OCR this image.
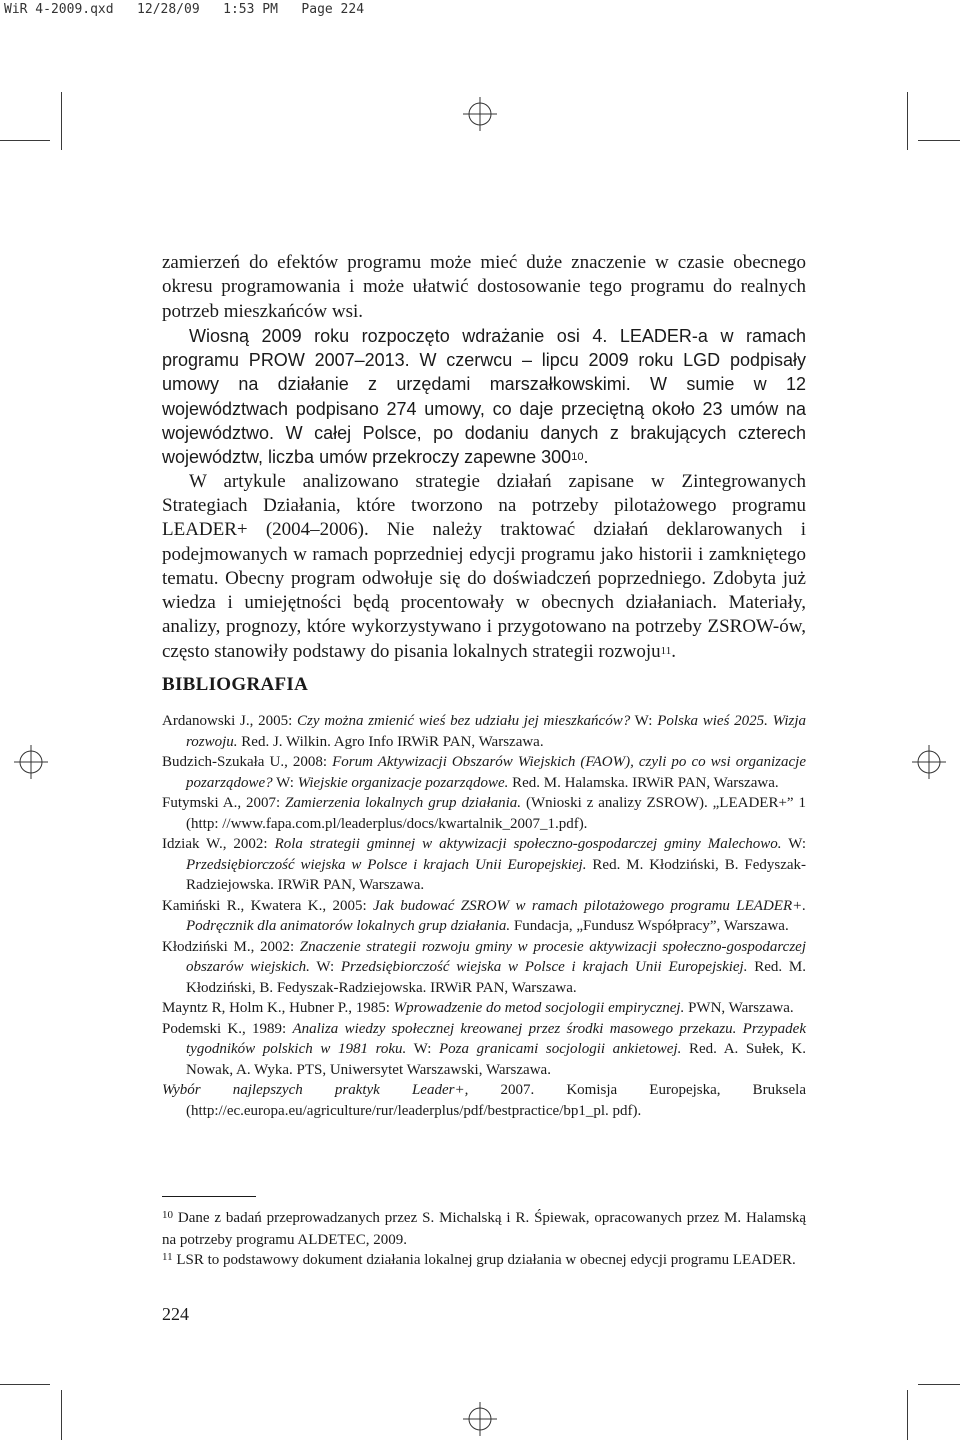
WiR 4-2009.qxd   12/28/09   1:53 PM   Page 224

zamierzeń do efektów programu może mieć duże znaczenie w czasie obecnego okresu programowania i może ułatwić dostosowanie tego programu do realnych potrzeb mieszkańców wsi.

Wiosną 2009 roku rozpoczęto wdrażanie osi 4. LEADER-a w ramach programu PROW 2007–2013. W czerwcu – lipcu 2009 roku LGD podpisały umowy na działanie z urzędami marszałkowskimi. W sumie w 12 województwach podpisano 274 umowy, co daje przeciętną około 23 umów na województwo. W całej Polsce, po dodaniu danych z brakujących czterech województw, liczba umów przekroczy zapewne $300^{10}$.

W artykule analizowano strategie działań zapisane w Zintegrowanych Strategiach Działania, które tworzono na potrzeby pilotażowego programu LEADER+ (2004–2006). Nie należy traktować działań deklarowanych i podejmowanych w ramach poprzedniej edycji programu jako historii i zamkniętego tematu. Obecny program odwołuje się do doświadczeń poprzedniego. Zdobyta już wiedza i umiejętności będą procentowały w obecnych działaniach. Materiały, analizy, prognozy, które wykorzystywano i przygotowano na potrzeby ZSROW-ów, często stanowiły podstawy do pisania lokalnych strategii rozwoju$^{11}$.

BIBLIOGRAFIA

Ardanowski J., 2005: Czy można zmienić wieś bez udziału jej mieszkańców? W: Polska wieś 2025. Wizja rozwoju. Red. J. Wilkin. Agro Info IRWiR PAN, Warszawa.

Budzich-Szukała U., 2008: Forum Aktywizacji Obszarów Wiejskich (FAOW), czyli po co wsi organizacje pozarządowe? W: Wiejskie organizacje pozarządowe. Red. M. Halamska. IRWiR PAN, Warszawa.

Futymski A., 2007: Zamierzenia lokalnych grup działania. (Wnioski z analizy ZSROW). „LEADER+” 1 (http: //www.fapa.com.pl/leaderplus/docs/kwartalnik_2007_1.pdf).

Idziak W., 2002: Rola strategii gminnej w aktywizacji społeczno-gospodarczej gminy Malechowo. W: Przedsiębiorczość wiejska w Polsce i krajach Unii Europejskiej. Red. M. Kłodziński, B. Fedyszak-Radziejowska. IRWiR PAN, Warszawa.

Kamiński R., Kwatera K., 2005: Jak budować ZSROW w ramach pilotażowego programu LEADER+. Podręcznik dla animatorów lokalnych grup działania. Fundacja, „Fundusz Współpracy”, Warszawa.

Kłodziński M., 2002: Znaczenie strategii rozwoju gminy w procesie aktywizacji społeczno-gospodarczej obszarów wiejskich. W: Przedsiębiorczość wiejska w Polsce i krajach Unii Europejskiej. Red. M. Kłodziński, B. Fedyszak-Radziejowska. IRWiR PAN, Warszawa.

Mayntz R, Holm K., Hubner P., 1985: Wprowadzenie do metod socjologii empirycznej. PWN, Warszawa.

Podemski K., 1989: Analiza wiedzy społecznej kreowanej przez środki masowego przekazu. Przypadek tygodników polskich w 1981 roku. W: Poza granicami socjologii ankietowej. Red. A. Sułek, K. Nowak, A. Wyka. PTS, Uniwersytet Warszawski, Warszawa.

Wybór najlepszych praktyk Leader+, 2007. Komisja Europejska, Bruksela (http://ec.europa.eu/agriculture/rur/leaderplus/pdf/bestpractice/bp1_pl. pdf).

$^{10}$ Dane z badań przeprowadzanych przez S. Michalską i R. Śpiewak, opracowanych przez M. Halamską na potrzeby programu ALDETEC, 2009.

$^{11}$ LSR to podstawowy dokument działania lokalnej grup działania w obecnej edycji programu LEADER.

224
